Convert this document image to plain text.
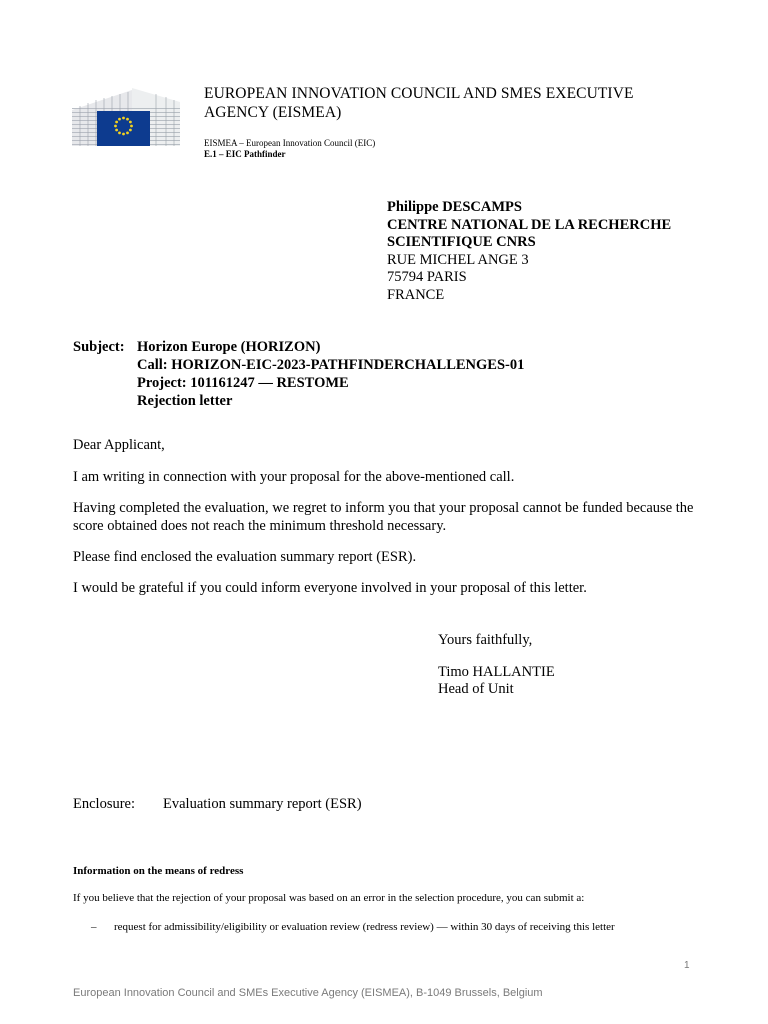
EUROPEAN INNOVATION COUNCIL AND SMES EXECUTIVE
AGENCY (EISMEA)
EISMEA – European Innovation Council (EIC)
E.1 – EIC Pathfinder
Philippe DESCAMPS
CENTRE NATIONAL DE LA RECHERCHE
SCIENTIFIQUE CNRS
RUE MICHEL ANGE 3
75794 PARIS
FRANCE
Subject: Horizon Europe (HORIZON)
Call: HORIZON-EIC-2023-PATHFINDERCHALLENGES-01
Project: 101161247 — RESTOME
Rejection letter
Dear Applicant,
I am writing in connection with your proposal for the above-mentioned call.
Having completed the evaluation, we regret to inform you that your proposal cannot be funded because the score obtained does not reach the minimum threshold necessary.
Please find enclosed the evaluation summary report (ESR).
I would be grateful if you could inform everyone involved in your proposal of this letter.
Yours faithfully,
Timo HALLANTIE
Head of Unit
Enclosure: Evaluation summary report (ESR)
Information on the means of redress
If you believe that the rejection of your proposal was based on an error in the selection procedure, you can submit a:
– request for admissibility/eligibility or evaluation review (redress review) — within 30 days of receiving this letter
1
European Innovation Council and SMEs Executive Agency (EISMEA), B-1049 Brussels, Belgium
